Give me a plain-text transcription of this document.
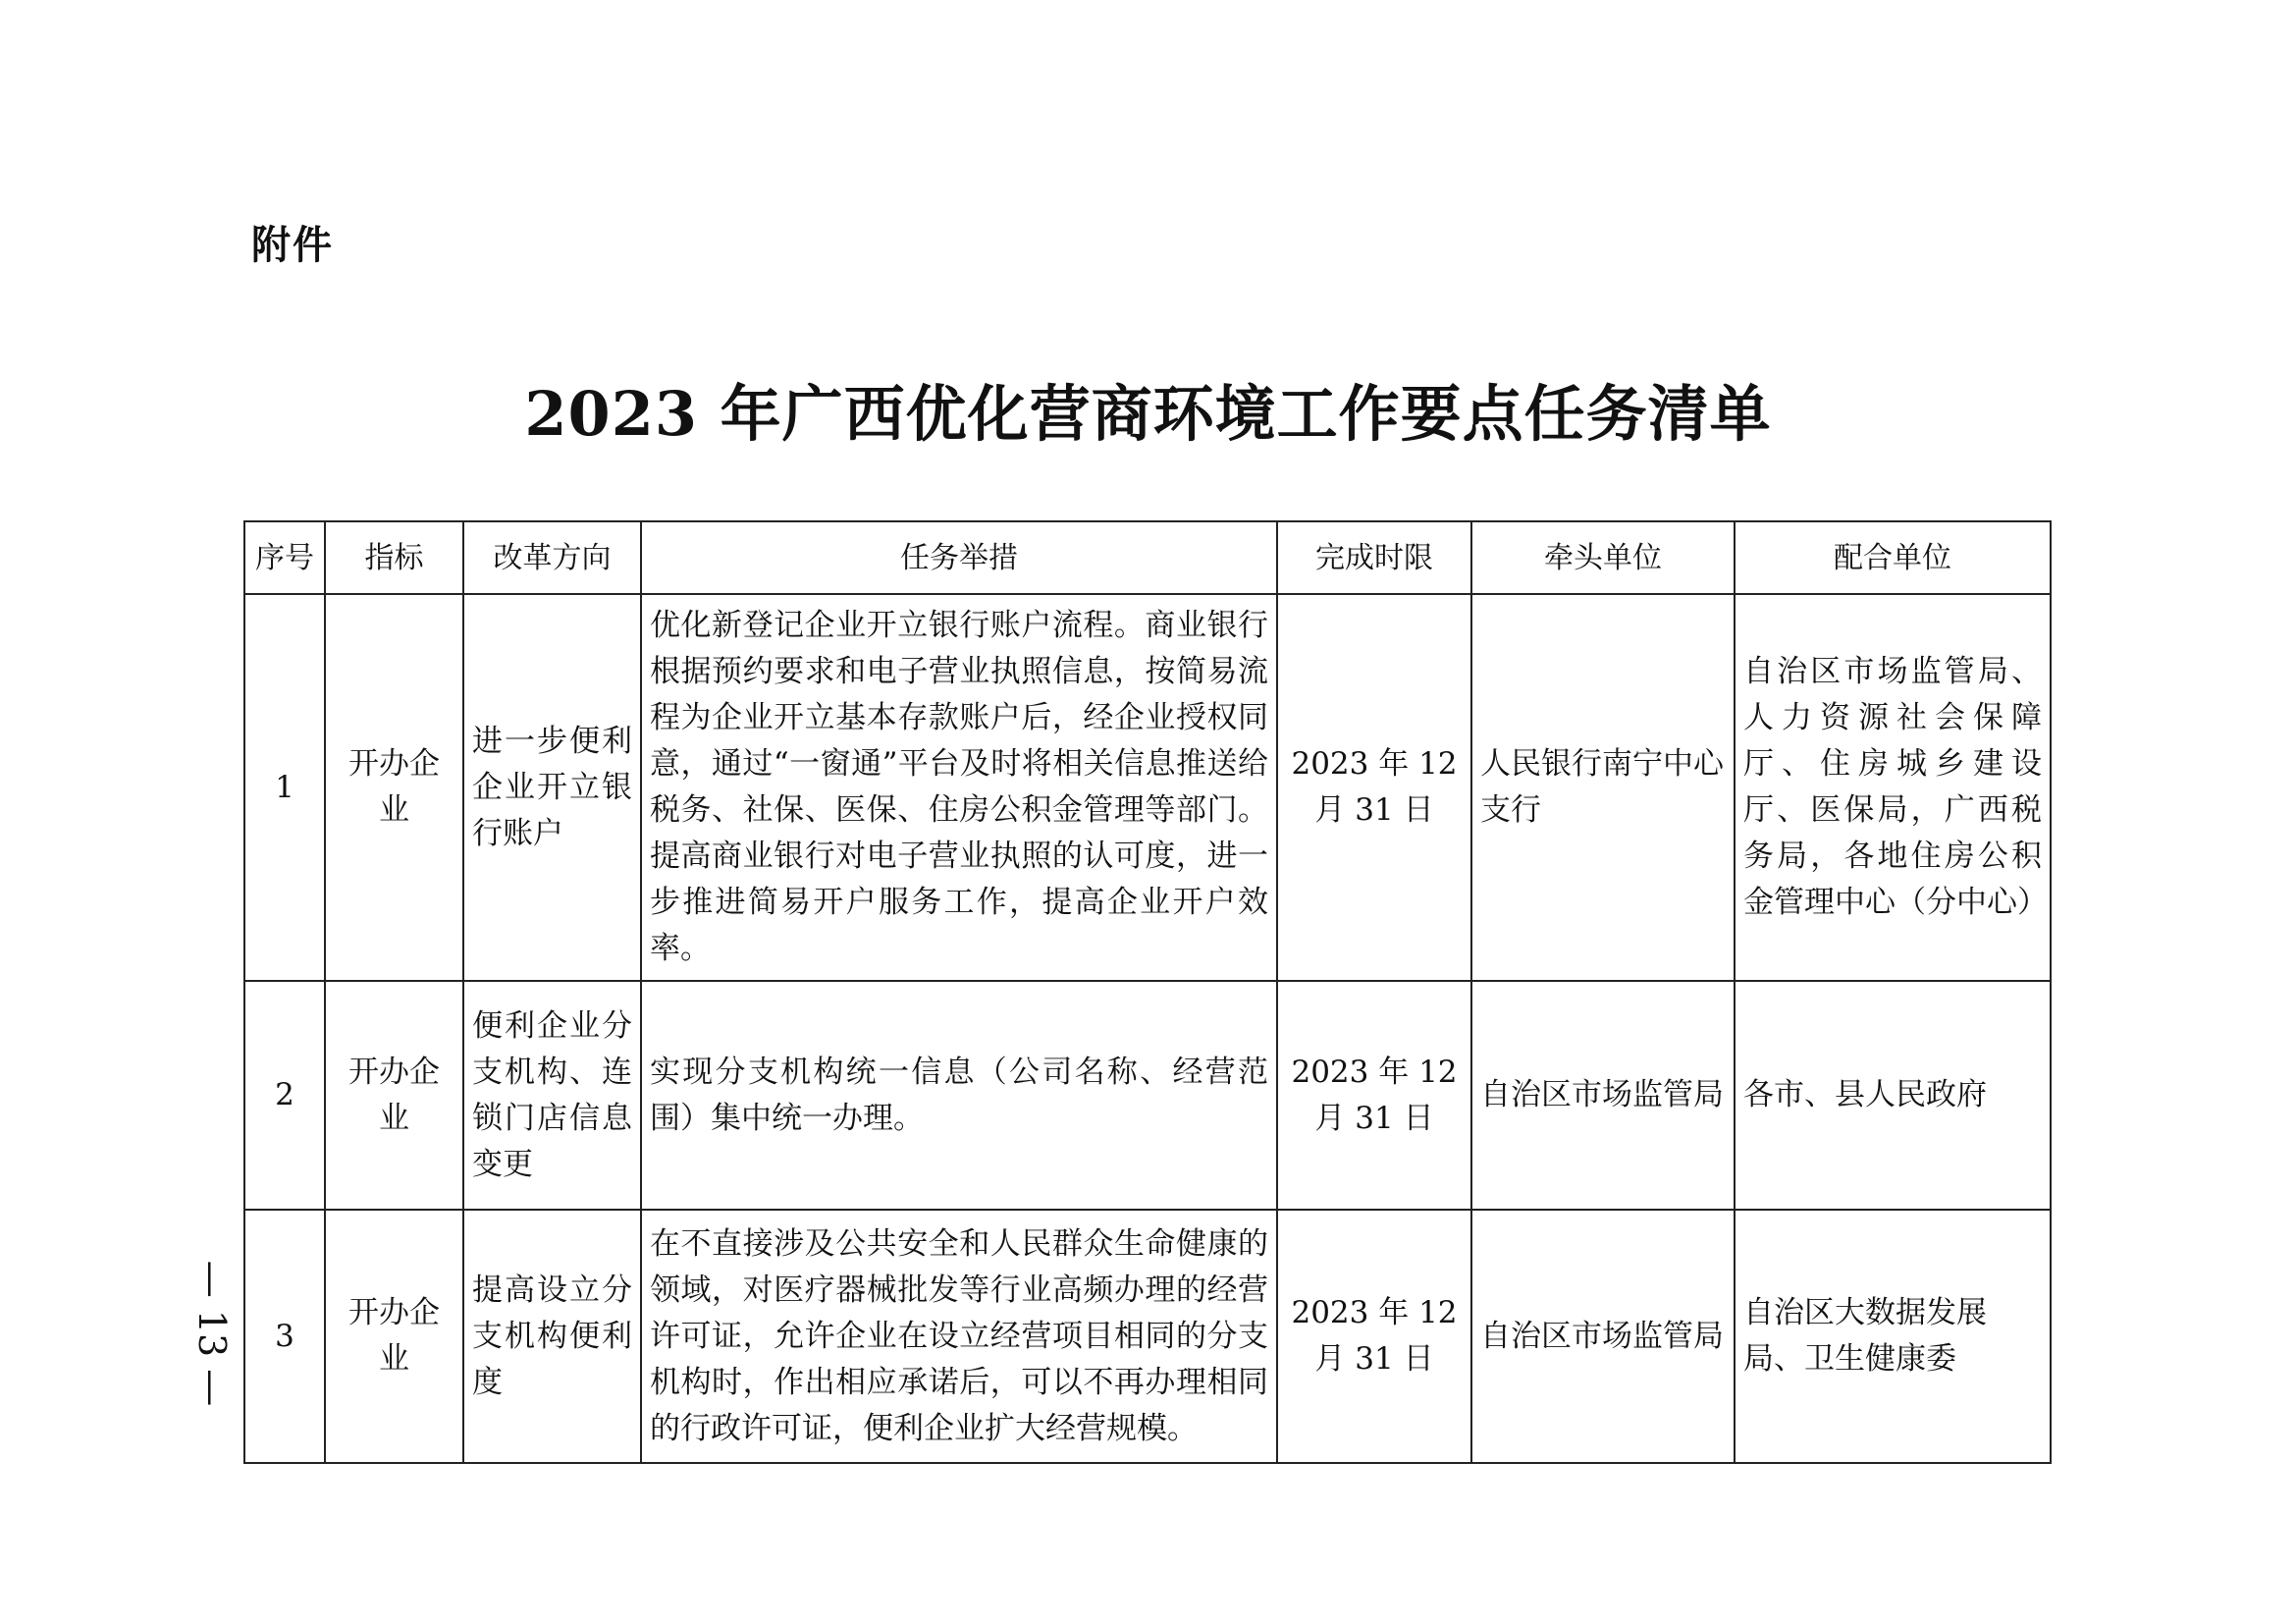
附件
2023 年广西优化营商环境工作要点任务清单
— 13 —
序号	指标	改革方向	任务举措	完成时限	牵头单位	配合单位
1	开办企业	进一步便利企业开立银行账户	优化新登记企业开立银行账户流程。商业银行根据预约要求和电子营业执照信息，按简易流程为企业开立基本存款账户后，经企业授权同意，通过“一窗通”平台及时将相关信息推送给税务、社保、医保、住房公积金管理等部门。提高商业银行对电子营业执照的认可度，进一步推进简易开户服务工作，提高企业开户效率。	2023 年 12 月 31 日	人民银行南宁中心支行	自治区市场监管局、人力资源社会保障厅、住房城乡建设厅、医保局，广西税务局，各地住房公积金管理中心（分中心）
2	开办企业	便利企业分支机构、连锁门店信息变更	实现分支机构统一信息（公司名称、经营范围）集中统一办理。	2023 年 12 月 31 日	自治区市场监管局	各市、县人民政府
3	开办企业	提高设立分支机构便利度	在不直接涉及公共安全和人民群众生命健康的领域，对医疗器械批发等行业高频办理的经营许可证，允许企业在设立经营项目相同的分支机构时，作出相应承诺后，可以不再办理相同的行政许可证，便利企业扩大经营规模。	2023 年 12 月 31 日	自治区市场监管局	自治区大数据发展局、卫生健康委
